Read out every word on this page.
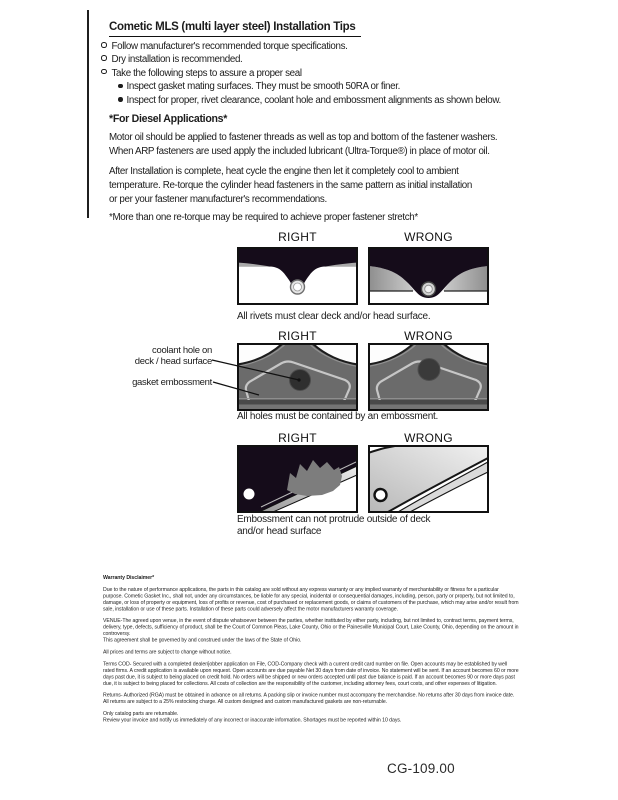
Cometic MLS (multi layer steel) Installation Tips
Follow manufacturer's recommended torque specifications.
Dry installation is recommended.
Take the following steps to assure a proper seal
Inspect gasket mating surfaces. They must be smooth 50RA or finer.
Inspect for proper, rivet clearance, coolant hole and embossment alignments as shown below.
*For Diesel Applications*
Motor oil should be applied to fastener threads as well as top and bottom of the fastener washers.
When ARP fasteners are used apply the included lubricant (Ultra-Torque®) in place of motor oil.
After Installation is complete, heat cycle the engine then let it completely cool to ambient
temperature. Re-torque the cylinder head fasteners in the same pattern as initial installation
or per your fastener manufacturer's recommendations.
*More than one re-torque may be required to achieve proper fastener stretch*
RIGHT	WRONG
All rivets must clear deck and/or head surface.
RIGHT	WRONG
coolant hole on
deck / head surface
gasket embossment
All holes must be contained by an embossment.
RIGHT	WRONG
Embossment can not protrude outside of deck
and/or head surface
Warranty Disclaimer*

Due to the nature of performance applications, the parts in this catalog are sold without any express warranty or any implied warranty of merchantability or fitness for a particular purpose. Cometic Gasket Inc., shall not, under any circumstances, be liable for any special, incidental or consequential damages, including, person, party or property, but not limited to, damage, or loss of property or equipment, loss of profits or revenue, cost of purchased or replacement goods, or claims of customers of the purchase, which may arise and/or result from sale, installation or use of these parts. Installation of these parts could adversely affect the motor manufacturers warranty coverage.

VENUE-The agreed upon venue, in the event of dispute whatsoever between the parties, whether instituted by either party, including, but not limited to, contract terms, payment terms, delivery, type, defects, sufficiency of product, shall be the Court of Common Pleas, Lake County, Ohio or the Painesville Municipal Court, Lake County, Ohio, depending on the amount in controversy.

This agreement shall be governed by and construed under the laws of the State of Ohio.

All prices and terms are subject to change without notice.

Terms COD- Secured with a completed dealer/jobber application on File, COD-Company check with a current credit card number on file. Open accounts may be established by well rated firms. A credit application is available upon request. Open accounts are due payable Net 30 days from date of invoice. No statement will be sent. If an account becomes 60 or more days past due, it is subject to being placed on credit hold. No orders will be shipped or new orders accepted until past due balance is paid. If an account becomes 90 or more days past due, it is subject to being placed for collections. All costs of collection are the responsibility of the customer, including attorney fees, court costs, and other expenses of litigation.

Returns- Authorized (RGA) must be obtained in advance on all returns. A packing slip or invoice number must accompany the merchandise. No returns after 30 days from invoice date. All returns are subject to a 25% restocking charge. All custom designed and custom manufactured gaskets are non-returnable.

Only catalog parts are returnable.

Review your invoice and notify us immediately of any incorrect or inaccurate information. Shortages must be reported within 10 days.

CG-109.00
